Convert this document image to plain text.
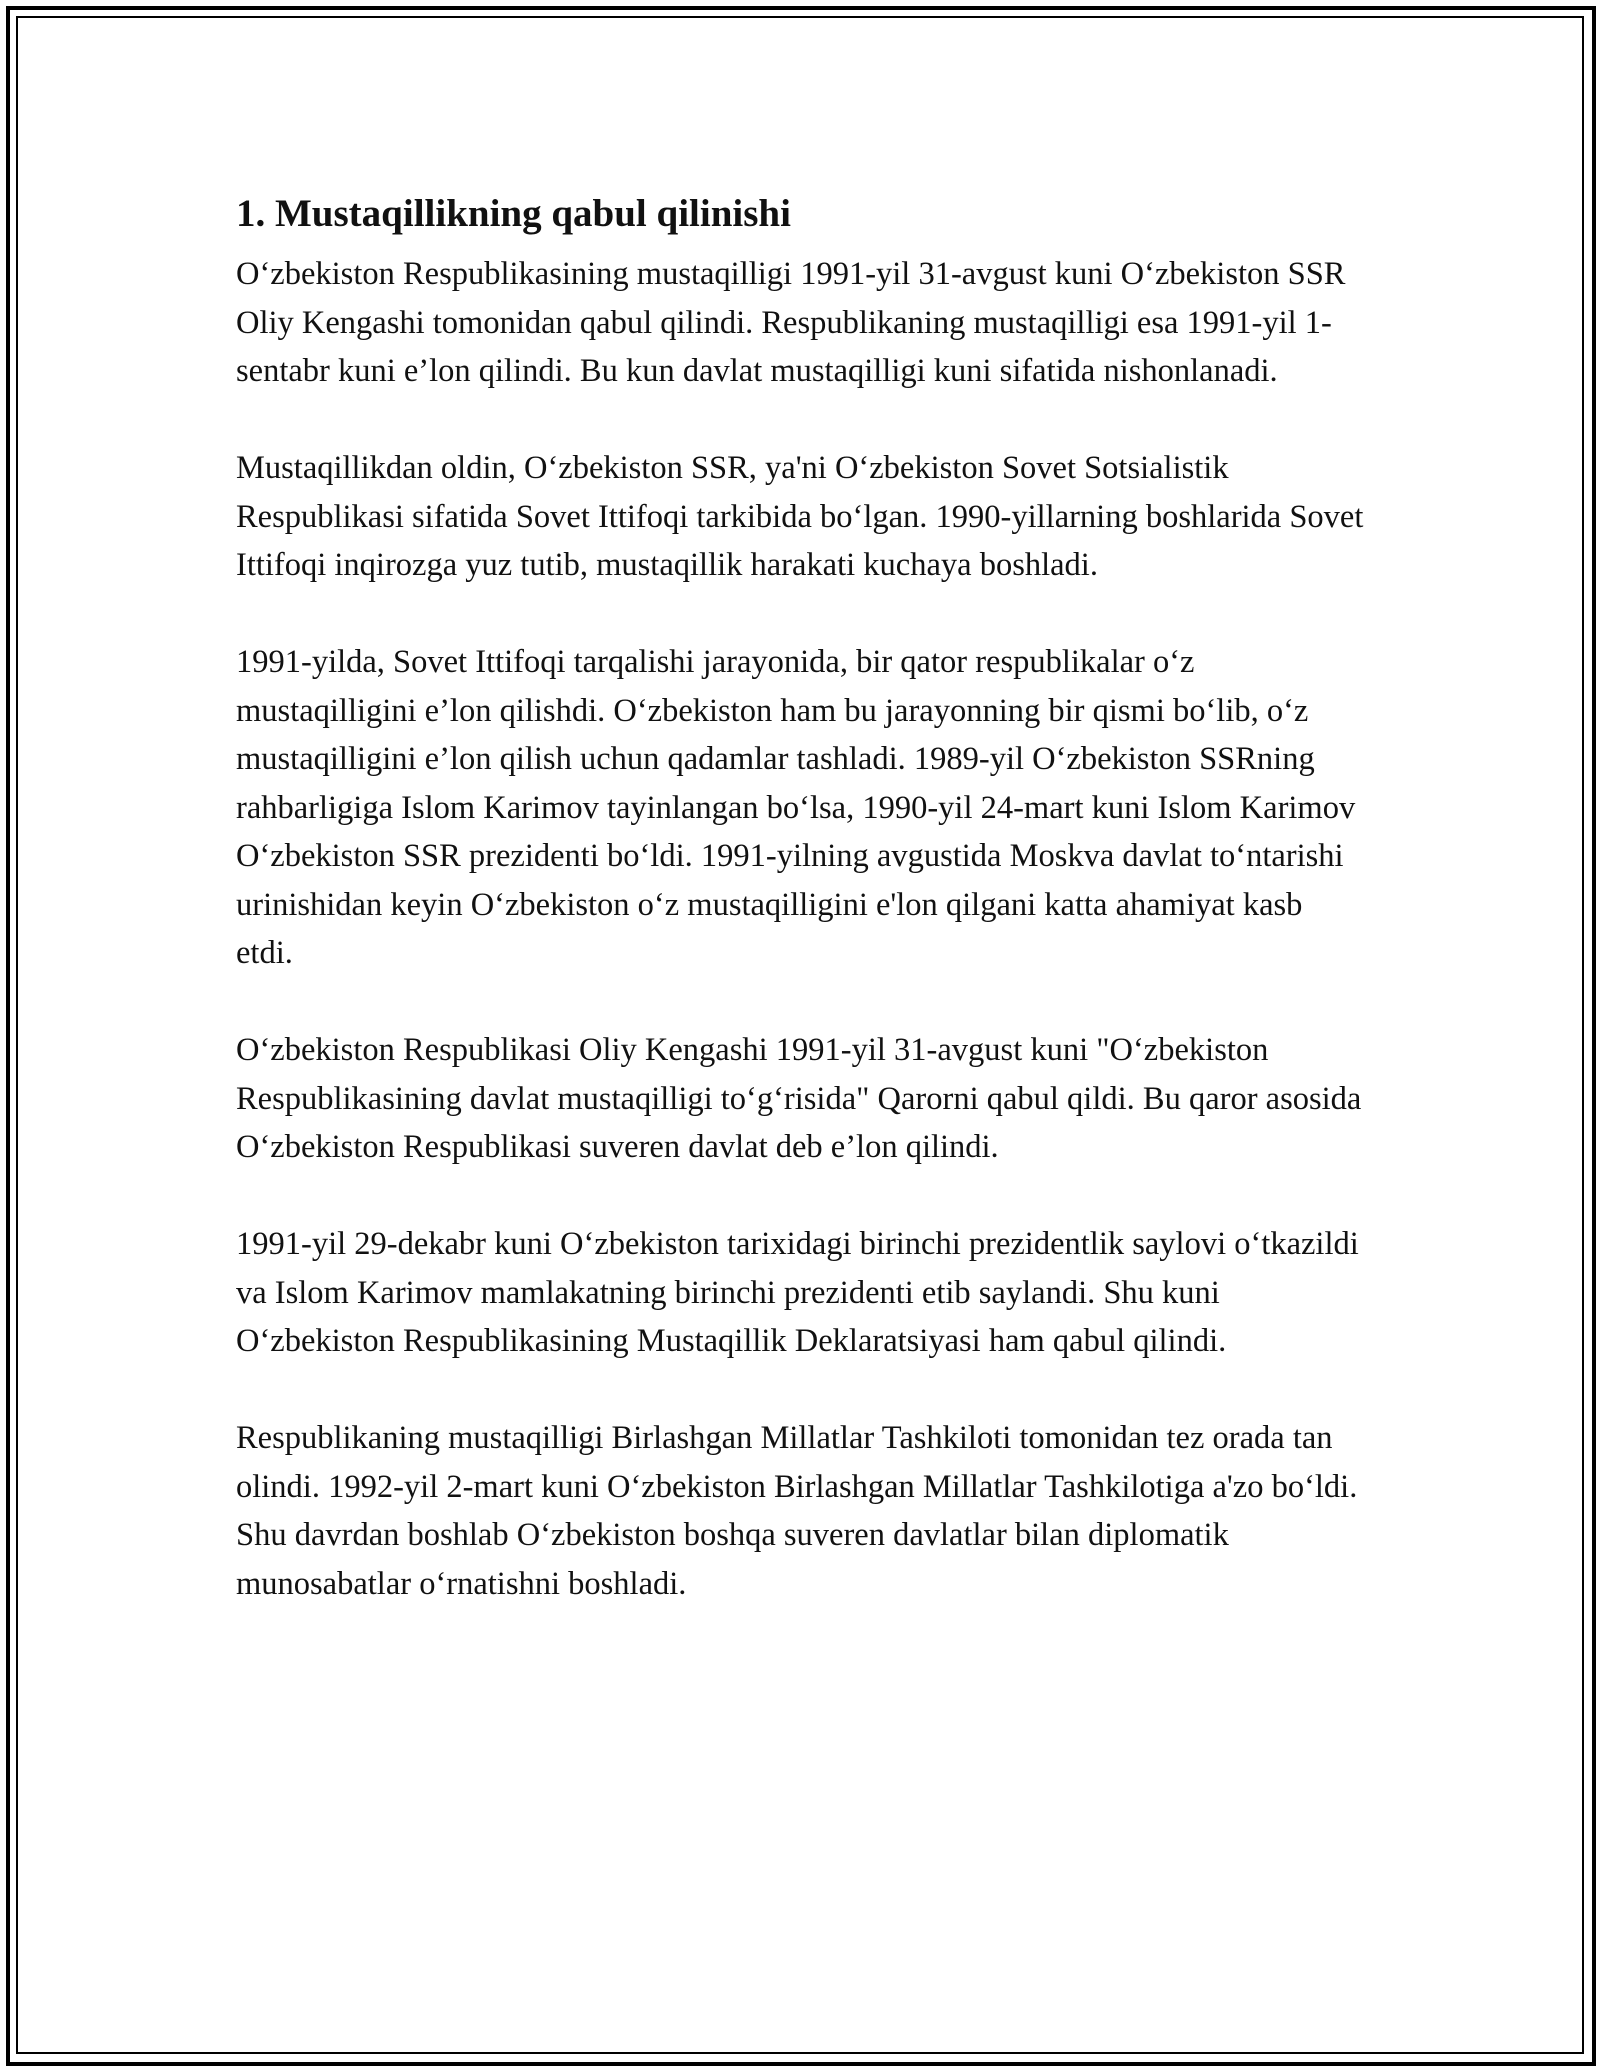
1. Mustaqillikning qabul qilinishi

O‘zbekiston Respublikasining mustaqilligi 1991-yil 31-avgust kuni O‘zbekiston SSR Oliy Kengashi tomonidan qabul qilindi. Respublikaning mustaqilligi esa 1991-yil 1-sentabr kuni e’lon qilindi. Bu kun davlat mustaqilligi kuni sifatida nishonlanadi.

Mustaqillikdan oldin, O‘zbekiston SSR, ya'ni O‘zbekiston Sovet Sotsialistik Respublikasi sifatida Sovet Ittifoqi tarkibida bo‘lgan. 1990-yillarning boshlarida Sovet Ittifoqi inqirozga yuz tutib, mustaqillik harakati kuchaya boshladi.

1991-yilda, Sovet Ittifoqi tarqalishi jarayonida, bir qator respublikalar o‘z mustaqilligini e’lon qilishdi. O‘zbekiston ham bu jarayonning bir qismi bo‘lib, o‘z mustaqilligini e’lon qilish uchun qadamlar tashladi. 1989-yil O‘zbekiston SSRning rahbarligiga Islom Karimov tayinlangan bo‘lsa, 1990-yil 24-mart kuni Islom Karimov O‘zbekiston SSR prezidenti bo‘ldi. 1991-yilning avgustida Moskva davlat to‘ntarishi urinishidan keyin O‘zbekiston o‘z mustaqilligini e'lon qilgani katta ahamiyat kasb etdi.

O‘zbekiston Respublikasi Oliy Kengashi 1991-yil 31-avgust kuni "O‘zbekiston Respublikasining davlat mustaqilligi to‘g‘risida" Qarorni qabul qildi. Bu qaror asosida O‘zbekiston Respublikasi suveren davlat deb e’lon qilindi.

1991-yil 29-dekabr kuni O‘zbekiston tarixidagi birinchi prezidentlik saylovi o‘tkazildi va Islom Karimov mamlakatning birinchi prezidenti etib saylandi. Shu kuni O‘zbekiston Respublikasining Mustaqillik Deklaratsiyasi ham qabul qilindi.

Respublikaning mustaqilligi Birlashgan Millatlar Tashkiloti tomonidan tez orada tan olindi. 1992-yil 2-mart kuni O‘zbekiston Birlashgan Millatlar Tashkilotiga a'zo bo‘ldi. Shu davrdan boshlab O‘zbekiston boshqa suveren davlatlar bilan diplomatik munosabatlar o‘rnatishni boshladi.
